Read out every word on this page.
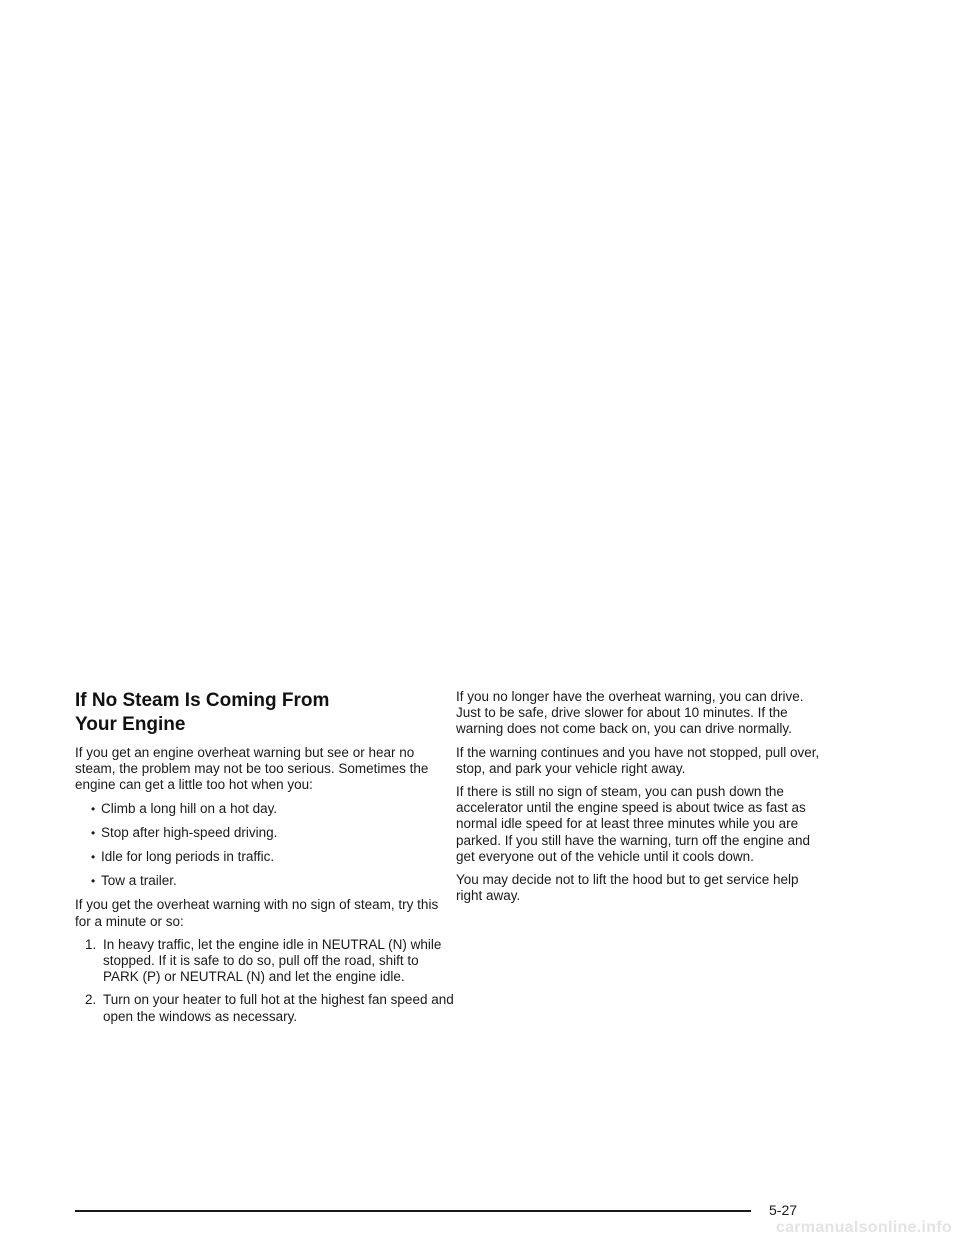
If No Steam Is Coming From
Your Engine

If you get an engine overheat warning but see or hear no steam, the problem may not be too serious. Sometimes the engine can get a little too hot when you:

• Climb a long hill on a hot day.
• Stop after high-speed driving.
• Idle for long periods in traffic.
• Tow a trailer.

If you get the overheat warning with no sign of steam, try this for a minute or so:

1. In heavy traffic, let the engine idle in NEUTRAL (N) while stopped. If it is safe to do so, pull off the road, shift to PARK (P) or NEUTRAL (N) and let the engine idle.
2. Turn on your heater to full hot at the highest fan speed and open the windows as necessary.

If you no longer have the overheat warning, you can drive. Just to be safe, drive slower for about 10 minutes. If the warning does not come back on, you can drive normally.

If the warning continues and you have not stopped, pull over, stop, and park your vehicle right away.

If there is still no sign of steam, you can push down the accelerator until the engine speed is about twice as fast as normal idle speed for at least three minutes while you are parked. If you still have the warning, turn off the engine and get everyone out of the vehicle until it cools down.

You may decide not to lift the hood but to get service help right away.

5-27
carmanualsonline.info
